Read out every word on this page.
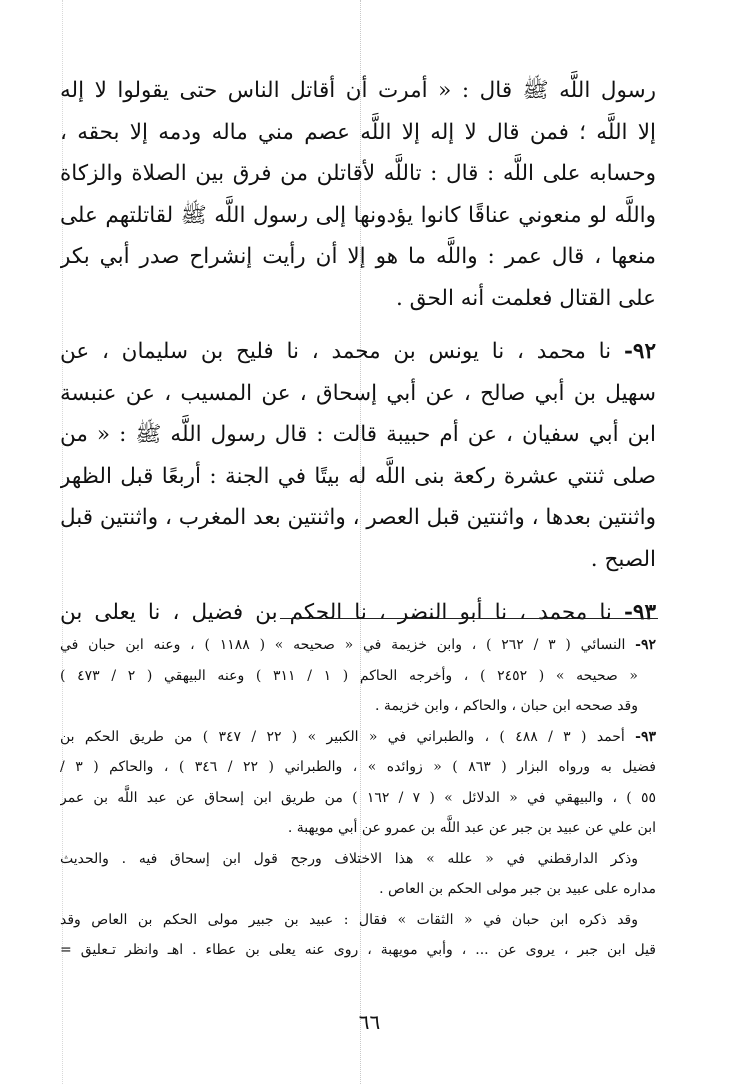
رسول اللَّه ﷺ قال : « أمرت أن أقاتل الناس حتى يقولوا لا إله
إلا اللَّه ؛ فمن قال لا إله إلا اللَّه عصم مني ماله ودمه إلا بحقه ،
وحسابه على اللَّه : قال : تاللَّه لأقاتلن من فرق بين الصلاة والزكاة
واللَّه لو منعوني عناقًا كانوا يؤدونها إلى رسول اللَّه ﷺ لقاتلتهم على
منعها ، قال عمر : واللَّه ما هو إلا أن رأيت إنشراح صدر أبي بكر
على القتال فعلمت أنه الحق .
٩٢- نا محمد ، نا يونس بن محمد ، نا فليح بن سليمان ، عن
سهيل بن أبي صالح ، عن أبي إسحاق ، عن المسيب ، عن عنبسة
ابن أبي سفيان ، عن أم حبيبة قالت : قال رسول اللَّه ﷺ : « من
صلى ثنتي عشرة ركعة بنى اللَّه له بيتًا في الجنة : أربعًا قبل الظهر
واثنتين بعدها ، واثنتين قبل العصر ، واثنتين بعد المغرب ، واثنتين قبل
الصبح .
٩٣- نا محمد ، نا أبو النضر ، نا الحكم بن فضيل ، نا يعلى بن
٩٢- النسائي ( ٣ / ٢٦٢ ) ، وابن خزيمة في « صحيحه » ( ١١٨٨ ) ، وعنه ابن حبان في
« صحيحه » ( ٢٤٥٢ ) ، وأخرجه الحاكم ( ١ / ٣١١ ) وعنه البيهقي ( ٢ / ٤٧٣ )
وقد صححه ابن حبان ، والحاكم ، وابن خزيمة .
٩٣- أحمد ( ٣ / ٤٨٨ ) ، والطبراني في « الكبير » ( ٢٢ / ٣٤٧ ) من طريق الحكم بن
فضيل به ورواه البزار ( ٨٦٣ ) « زوائده » ، والطبراني ( ٢٢ / ٣٤٦ ) ، والحاكم ( ٣ /
٥٥ ) ، والبيهقي في « الدلائل » ( ٧ / ١٦٢ ) من طريق ابن إسحاق عن عبد اللَّه بن عمر
ابن علي عن عبيد بن جبر عن عبد اللَّه بن عمرو عن أبي مويهبة .
وذكر الدارقطني في « علله » هذا الاختلاف ورجح قول ابن إسحاق فيه . والحديث
مداره على عبيد بن جبر مولى الحكم بن العاص .
وقد ذكره ابن حبان في « الثقات » فقال : عبيد بن جبير مولى الحكم بن العاص وقد
قيل ابن جبر ، يروى عن ... ، وأبي مويهبة ، روى عنه يعلى بن عطاء . اهـ وانظر تـعليق =
٦٦
